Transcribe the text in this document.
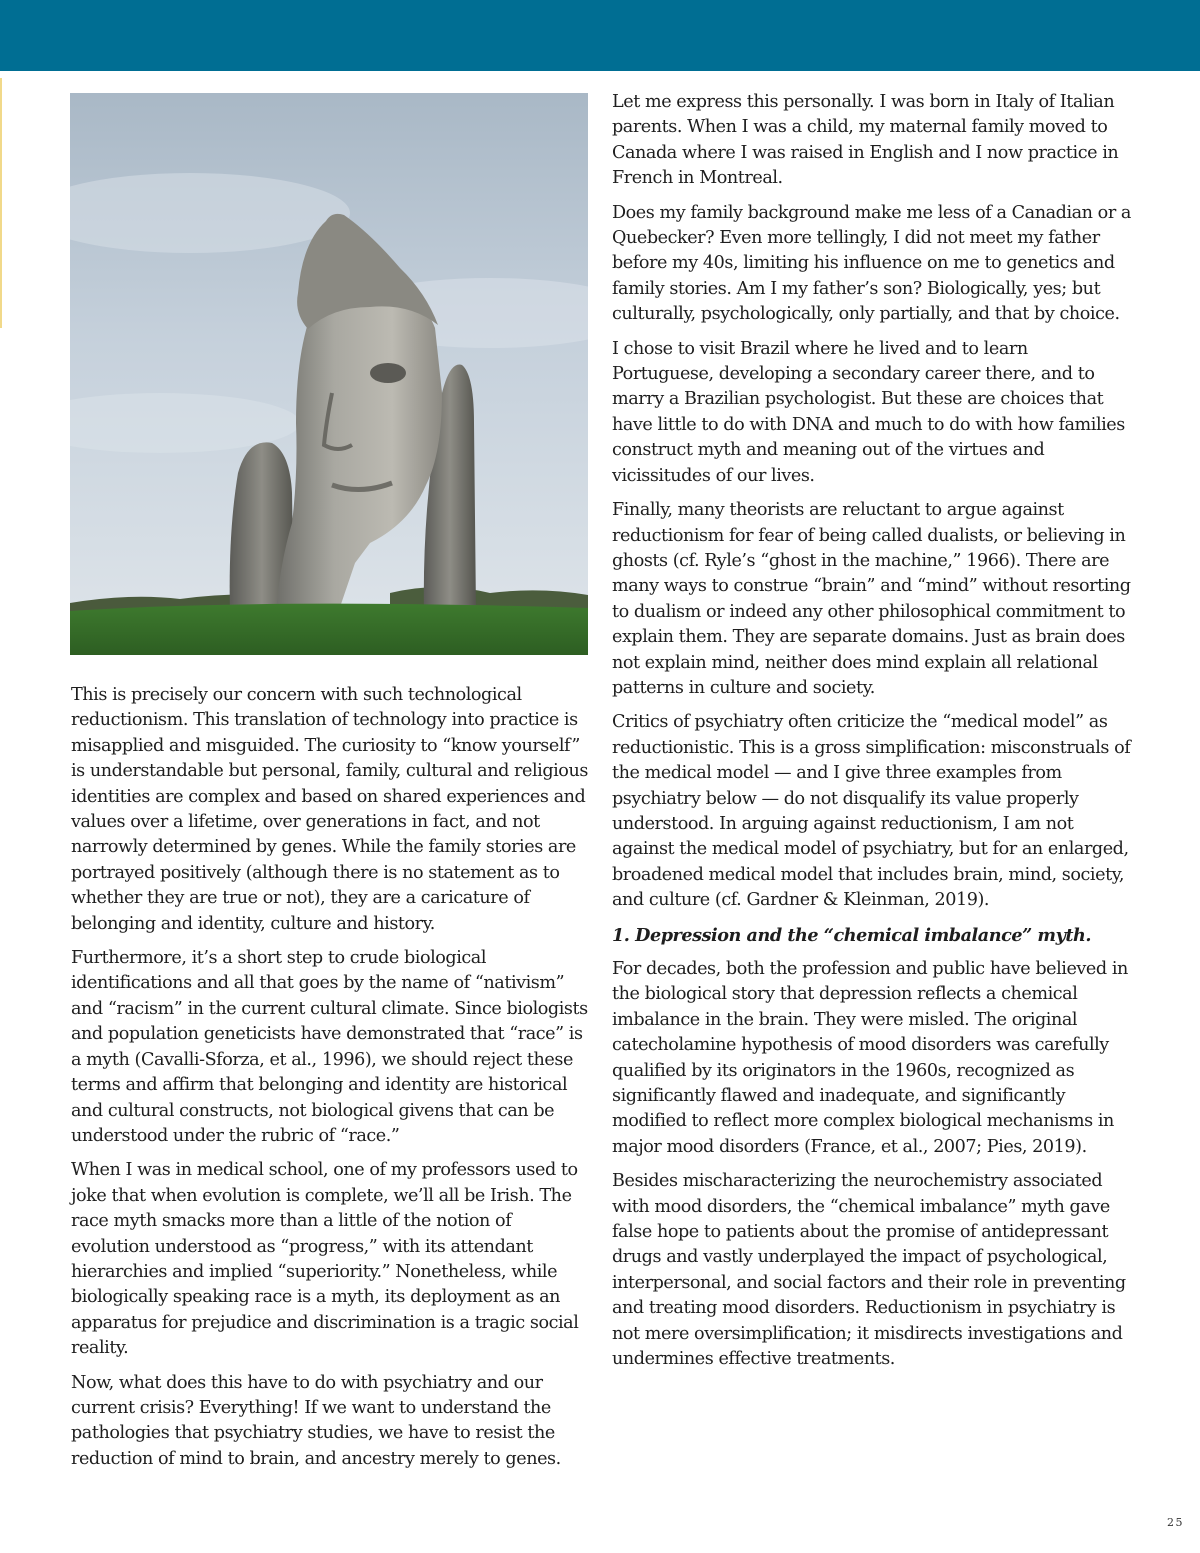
This is precisely our concern with such technological reductionism. This translation of technology into practice is misapplied and misguided. The curiosity to “know yourself” is understandable but personal, family, cultural and religious identities are complex and based on shared experiences and values over a lifetime, over generations in fact, and not narrowly determined by genes. While the family stories are portrayed positively (although there is no statement as to whether they are true or not), they are a caricature of belonging and identity, culture and history.

Furthermore, it’s a short step to crude biological identifications and all that goes by the name of “nativism” and “racism” in the current cultural climate. Since biologists and population geneticists have demonstrated that “race” is a myth (Cavalli-Sforza, et al., 1996), we should reject these terms and affirm that belonging and identity are historical and cultural constructs, not biological givens that can be understood under the rubric of “race.”

When I was in medical school, one of my professors used to joke that when evolution is complete, we’ll all be Irish. The race myth smacks more than a little of the notion of evolution understood as “progress,” with its attendant hierarchies and implied “superiority.” Nonetheless, while biologically speaking race is a myth, its deployment as an apparatus for prejudice and discrimination is a tragic social reality.

Now, what does this have to do with psychiatry and our current crisis? Everything! If we want to understand the pathologies that psychiatry studies, we have to resist the reduction of mind to brain, and ancestry merely to genes.

Let me express this personally. I was born in Italy of Italian parents. When I was a child, my maternal family moved to Canada where I was raised in English and I now practice in French in Montreal.

Does my family background make me less of a Canadian or a Quebecker? Even more tellingly, I did not meet my father before my 40s, limiting his influence on me to genetics and family stories. Am I my father’s son? Biologically, yes; but culturally, psychologically, only partially, and that by choice.

I chose to visit Brazil where he lived and to learn Portuguese, developing a secondary career there, and to marry a Brazilian psychologist. But these are choices that have little to do with DNA and much to do with how families construct myth and meaning out of the virtues and vicissitudes of our lives.

Finally, many theorists are reluctant to argue against reductionism for fear of being called dualists, or believing in ghosts (cf. Ryle’s “ghost in the machine,” 1966). There are many ways to construe “brain” and “mind” without resorting to dualism or indeed any other philosophical commitment to explain them. They are separate domains. Just as brain does not explain mind, neither does mind explain all relational patterns in culture and society.

Critics of psychiatry often criticize the “medical model” as reductionistic. This is a gross simplification: misconstruals of the medical model — and I give three examples from psychiatry below — do not disqualify its value properly understood. In arguing against reductionism, I am not against the medical model of psychiatry, but for an enlarged, broadened medical model that includes brain, mind, society, and culture (cf. Gardner & Kleinman, 2019).

1. Depression and the “chemical imbalance” myth.

For decades, both the profession and public have believed in the biological story that depression reflects a chemical imbalance in the brain. They were misled. The original catecholamine hypothesis of mood disorders was carefully qualified by its originators in the 1960s, recognized as significantly flawed and inadequate, and significantly modified to reflect more complex biological mechanisms in major mood disorders (France, et al., 2007; Pies, 2019).

Besides mischaracterizing the neurochemistry associated with mood disorders, the “chemical imbalance” myth gave false hope to patients about the promise of antidepressant drugs and vastly underplayed the impact of psychological, interpersonal, and social factors and their role in preventing and treating mood disorders. Reductionism in psychiatry is not mere oversimplification; it misdirects investigations and undermines effective treatments.

25
